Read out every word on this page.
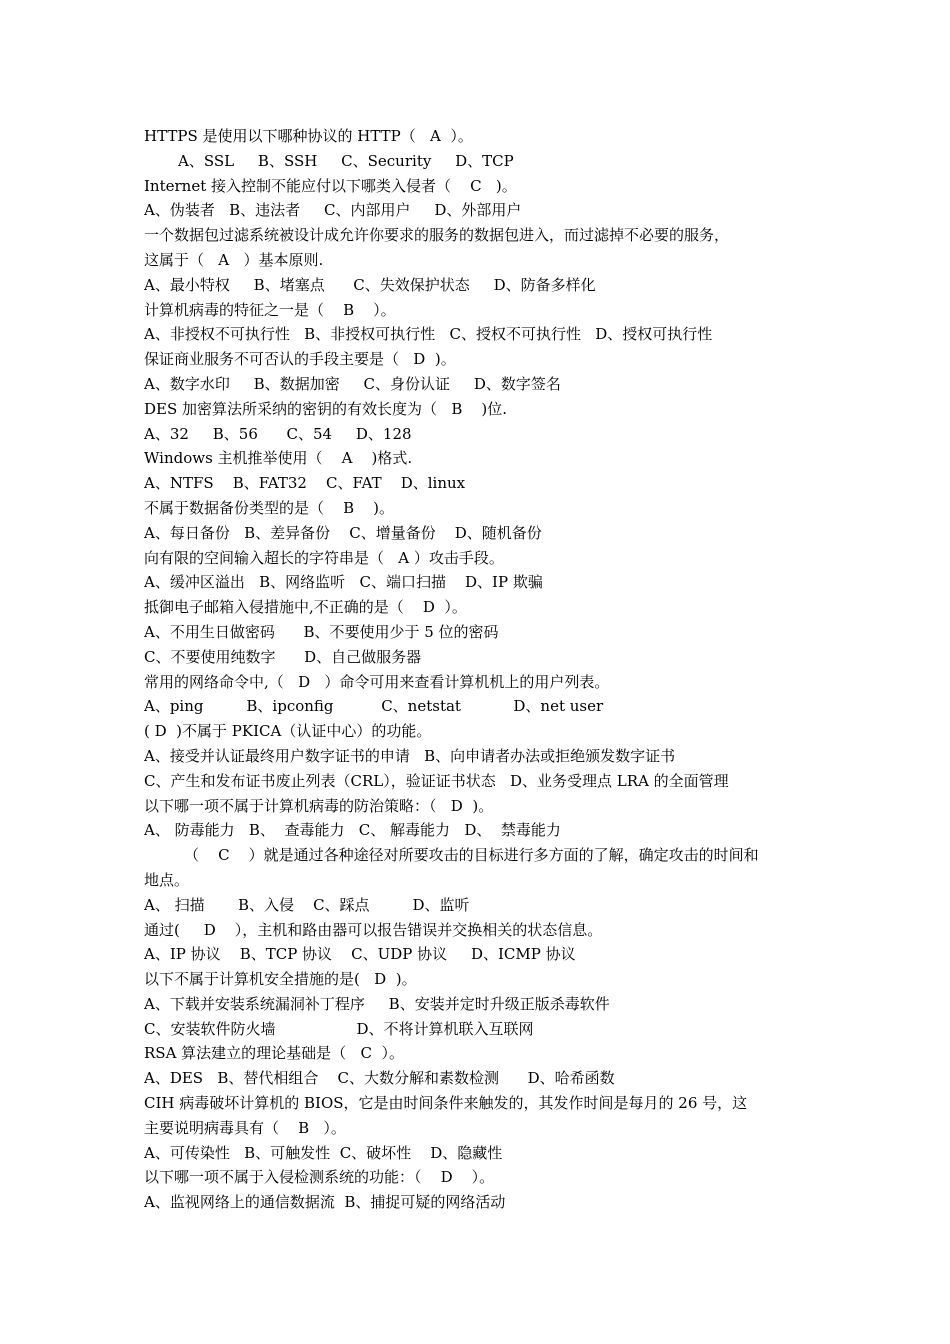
HTTPS 是使用以下哪种协议的 HTTP（   A  ）。
A、SSL     B、SSH     C、Security     D、TCP
Internet 接入控制不能应付以下哪类入侵者（    C   )。
A、伪装者   B、违法者     C、内部用户     D、外部用户
一个数据包过滤系统被设计成允许你要求的服务的数据包进入，而过滤掉不必要的服务，
这属于（   A   ）基本原则.
A、最小特权     B、堵塞点      C、失效保护状态     D、防备多样化
计算机病毒的特征之一是（    B    ）。
A、非授权不可执行性   B、非授权可执行性   C、授权不可执行性   D、授权可执行性
保证商业服务不可否认的手段主要是（   D  )。
A、数字水印     B、数据加密     C、身份认证     D、数字签名
DES 加密算法所采纳的密钥的有效长度为（   B    )位.
A、32     B、56      C、54     D、128
Windows 主机推举使用（    A    )格式.
A、NTFS    B、FAT32    C、FAT    D、linux
不属于数据备份类型的是（    B    )。
A、每日备份   B、差异备份    C、增量备份    D、随机备份
向有限的空间输入超长的字符串是（   A ）攻击手段。
A、缓冲区溢出   B、网络监听   C、端口扫描    D、IP 欺骗
抵御电子邮箱入侵措施中,不正确的是（    D  ）。
A、不用生日做密码      B、不要使用少于 5 位的密码
C、不要使用纯数字      D、自己做服务器
常用的网络命令中,（   D   ）命令可用来查看计算机机上的用户列表。
A、ping         B、ipconfig          C、netstat           D、net user
( D  )不属于 PKICA（认证中心）的功能。
A、接受并认证最终用户数字证书的申请   B、向申请者办法或拒绝颁发数字证书
C、产生和发布证书废止列表（CRL），验证证书状态   D、业务受理点 LRA 的全面管理
以下哪一项不属于计算机病毒的防治策略：（   D  )。
A、 防毒能力   B、  查毒能力   C、 解毒能力   D、  禁毒能力
（    C    ）就是通过各种途径对所要攻击的目标进行多方面的了解，确定攻击的时间和
地点。
A、 扫描       B、入侵    C、踩点         D、监听
通过(     D    ），主机和路由器可以报告错误并交换相关的状态信息。
A、IP 协议    B、TCP 协议    C、UDP 协议     D、ICMP 协议
以下不属于计算机安全措施的是(   D  )。
A、下载并安装系统漏洞补丁程序     B、安装并定时升级正版杀毒软件
C、安装软件防火墙                 D、不将计算机联入互联网
RSA 算法建立的理论基础是（   C  ）。
A、DES   B、替代相组合    C、大数分解和素数检测      D、哈希函数
CIH 病毒破坏计算机的 BIOS，它是由时间条件来触发的，其发作时间是每月的 26 号，这
主要说明病毒具有（    B   ）。
A、可传染性   B、可触发性  C、破坏性    D、隐藏性
以下哪一项不属于入侵检测系统的功能：（    D    ）。
A、监视网络上的通信数据流  B、捕捉可疑的网络活动
